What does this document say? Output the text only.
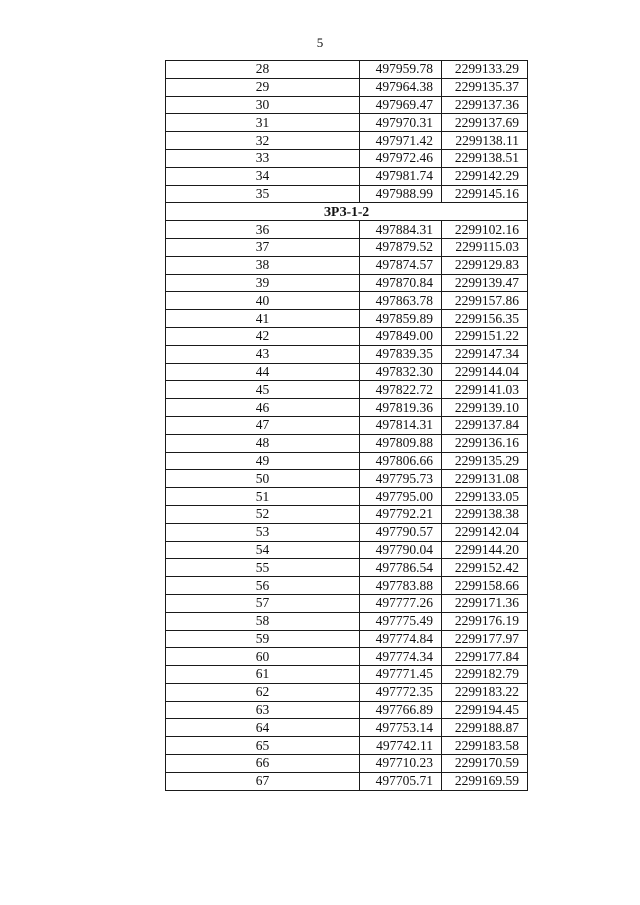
5
28	497959.78	2299133.29
29	497964.38	2299135.37
30	497969.47	2299137.36
31	497970.31	2299137.69
32	497971.42	2299138.11
33	497972.46	2299138.51
34	497981.74	2299142.29
35	497988.99	2299145.16
ЗРЗ-1-2		
36	497884.31	2299102.16
37	497879.52	2299115.03
38	497874.57	2299129.83
39	497870.84	2299139.47
40	497863.78	2299157.86
41	497859.89	2299156.35
42	497849.00	2299151.22
43	497839.35	2299147.34
44	497832.30	2299144.04
45	497822.72	2299141.03
46	497819.36	2299139.10
47	497814.31	2299137.84
48	497809.88	2299136.16
49	497806.66	2299135.29
50	497795.73	2299131.08
51	497795.00	2299133.05
52	497792.21	2299138.38
53	497790.57	2299142.04
54	497790.04	2299144.20
55	497786.54	2299152.42
56	497783.88	2299158.66
57	497777.26	2299171.36
58	497775.49	2299176.19
59	497774.84	2299177.97
60	497774.34	2299177.84
61	497771.45	2299182.79
62	497772.35	2299183.22
63	497766.89	2299194.45
64	497753.14	2299188.87
65	497742.11	2299183.58
66	497710.23	2299170.59
67	497705.71	2299169.59
